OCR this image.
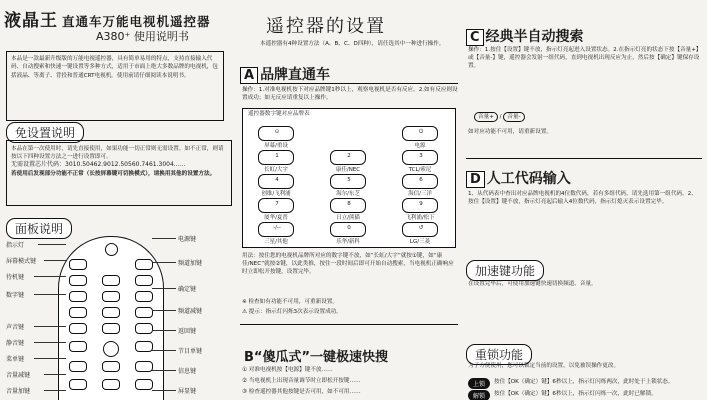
液晶王 直通车万能电视机遥控器
A380⁺ 使用说明书
本品是一款最新升级版的万能电视遥控器，具有简单易用的特点，支持直接输入代码、自动搜索和快速一键设置等多种方式，适用于市面上绝大多数品牌的电视机，包括液晶、等离子、背投和普通CRT电视机。使用前请仔细阅读本说明书。
免设置说明
本品在第一次使用时，请先直接使用，如果功能一切正常则无需设置。如不正常，则请按以下四种设置方法之一进行设置即可。
无需设置芯片代码：3010.50462.9012.50560.7461.3004......
若使用后发现部分功能不正常（长按屏幕键可切换模式），请换用其他的设置方法。
面板说明
指示灯
屏幕模式键
待机键
数字键
声音键
静音键
菜单键
音量减键
音量加键
电源键
频道加键
确定键
频道减键
返回键
节目单键
信息键
屏显键
遥控器的设置
本遥控器有4种设置方法（A、B、C、D四种），请任选其中一种进行操作。
A 品牌直通车
操作：1.对准电视机按下对应品牌键1秒以上，观察电视机是否有反应。2.如有反应则设置成功；如无反应请重复以上操作。
遥控器数字键对应品牌表
⊙
屏幕/重设
⏻
电源
1
长虹/大宇
2
康佳/NEC
3
TCL/索尼
4
创维/飞利浦
5
海尔/东芝
6
海信/三洋
7
厦华/夏普
8
日立/熊猫
9
飞利浦/松下
-/--
三星/其他
0
乐华/新科
↺
LG/三菱
用法：按住您的电视机品牌所对应的数字键不放，如“长虹/大宇”就按①键，如“康佳/NEC”就按②键，以此类推，按住一段时间后即可开始自动搜索，当电视机正确响应时立即松开按键，设置完毕。
※ 检查如有功能不可用，可重新设置。
⚠ 提示：指示灯闪烁3次表示设置成功。
B“傻瓜式”一键极速快搜
① 对准电视机按【电源】键不放……
② 当电视机上出现音量调节时立即松开按键……
③ 检查遥控器其他按键是否可用，如不可用……
C 经典半自动搜索
操作：1.按住【设置】键不放，指示灯亮起进入设置状态。2.在指示灯亮的状态下按【音量+】或【音量-】键，遥控器会发射一组代码，直到电视机出现反应为止，然后按【确定】键保存设置。
音量+ / 音量-
如对应功能不可用，请重新设置。
D 人工代码输入
1、从代码表中查出对应品牌电视机的4位数代码，若有多组代码，请先选用第一组代码。2、按住【设置】键不放，指示灯亮起后输入4位数代码，指示灯熄灭表示设置完毕。
加速键功能
在设置完毕后，可使用加速键快速切换频道、音量。
重锁功能
为了方便使用，您可以锁定当前的设置，以免被误操作更改。
上锁	按住【OK（确定）键】6秒以上，指示灯闪烁两次，此时处于上锁状态。
解锁	按住【OK（确定）键】6秒以上，指示灯闪烁一次，此时已解锁。
